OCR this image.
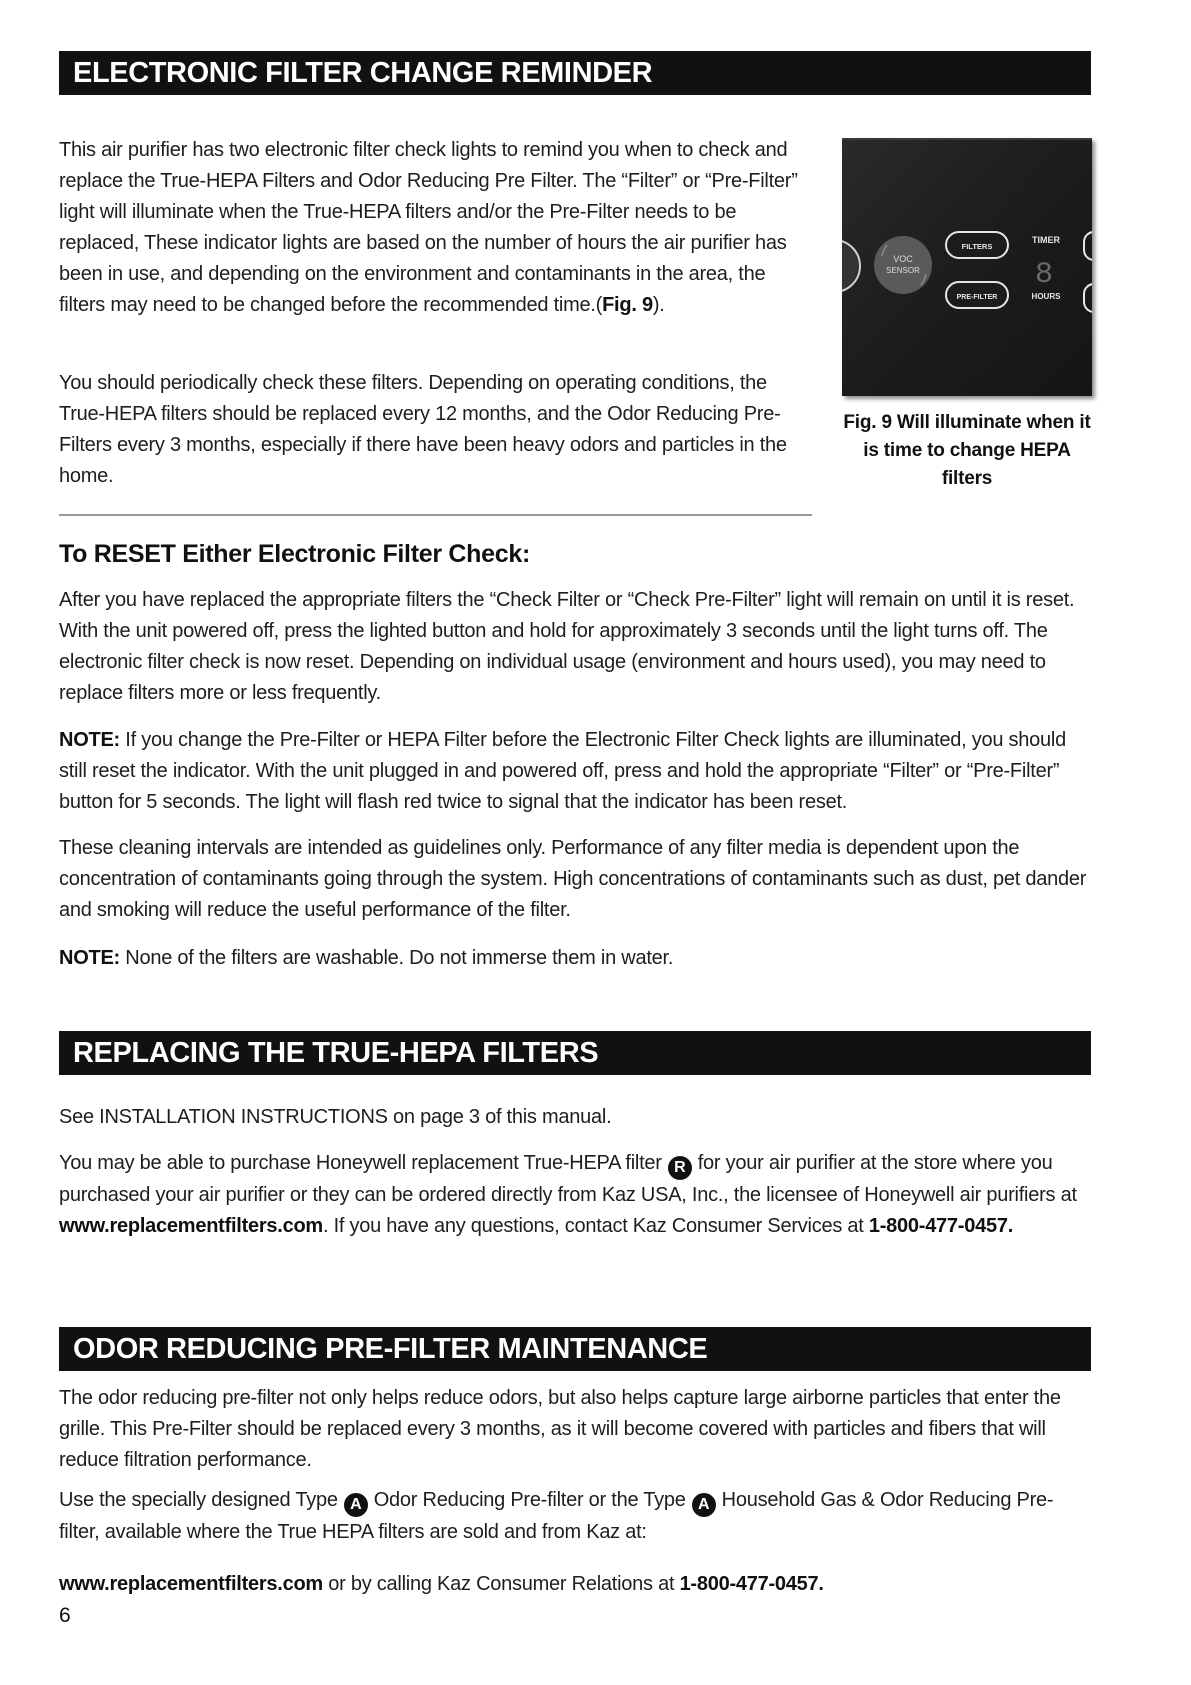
ELECTRONIC FILTER CHANGE REMINDER

This air purifier has two electronic filter check lights to remind you when to check and replace the True-HEPA Filters and Odor Reducing Pre Filter. The “Filter” or “Pre-Filter” light will illuminate when the True-HEPA filters and/or the Pre-Filter needs to be replaced, These indicator lights are based on the number of hours the air purifier has been in use, and depending on the environment and contaminants in the area, the filters may need to be changed before the recommended time.(Fig. 9).

You should periodically check these filters. Depending on operating conditions, the True-HEPA filters should be replaced every 12 months, and the Odor Reducing Pre-Filters every 3 months, especially if there have been heavy odors and particles in the home.

VOC
SENSOR
FILTERS
PRE-FILTER
TIMER
8
HOURS

Fig. 9 Will illuminate when it is time to change HEPA filters

To RESET Either Electronic Filter Check:

After you have replaced the appropriate filters the “Check Filter or “Check Pre-Filter” light will remain on until it is reset. With the unit powered off, press the lighted button and hold for approximately 3 seconds until the light turns off. The electronic filter check is now reset. Depending on individual usage (environment and hours used), you may need to replace filters more or less frequently.

NOTE: If you change the Pre-Filter or HEPA Filter before the Electronic Filter Check lights are illuminated, you should still reset the indicator. With the unit plugged in and powered off, press and hold the appropriate “Filter” or “Pre-Filter” button for 5 seconds. The light will flash red twice to signal that the indicator has been reset.

These cleaning intervals are intended as guidelines only. Performance of any filter media is dependent upon the concentration of contaminants going through the system. High concentrations of contaminants such as dust, pet dander and smoking will reduce the useful performance of the filter.

NOTE: None of the filters are washable. Do not immerse them in water.

REPLACING THE TRUE-HEPA FILTERS

See INSTALLATION INSTRUCTIONS on page 3 of this manual.

You may be able to purchase Honeywell replacement True-HEPA filter R for your air purifier at the store where you purchased your air purifier or they can be ordered directly from Kaz USA, Inc., the licensee of Honeywell air purifiers at www.replacementfilters.com. If you have any questions, contact Kaz Consumer Services at 1-800-477-0457.

ODOR REDUCING PRE-FILTER MAINTENANCE

The odor reducing pre-filter not only helps reduce odors, but also helps capture large airborne particles that enter the grille. This Pre-Filter should be replaced every 3 months, as it will become covered with particles and fibers that will reduce filtration performance.

Use the specially designed Type A Odor Reducing Pre-filter or the Type A Household Gas & Odor Reducing Pre-filter, available where the True HEPA filters are sold and from Kaz at:

www.replacementfilters.com or by calling Kaz Consumer Relations at 1-800-477-0457.

6
